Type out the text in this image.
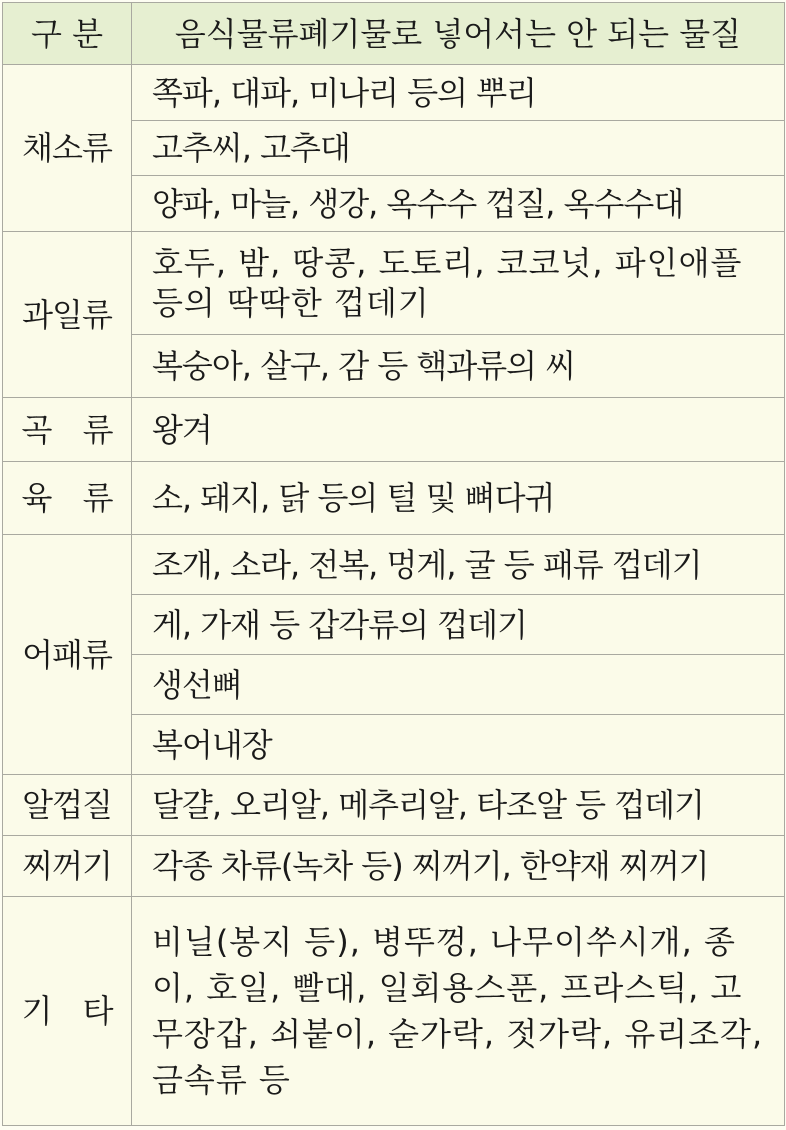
구 분	음식물류폐기물로 넣어서는 안 되는 물질
채소류	쪽파, 대파, 미나리 등의 뿌리
	고추씨, 고추대
	양파, 마늘, 생강, 옥수수 껍질, 옥수수대
과일류	호두, 밤, 땅콩, 도토리, 코코넛, 파인애플 등의 딱딱한 껍데기
	복숭아, 살구, 감 등 핵과류의 씨
곡 류	왕겨
육 류	소, 돼지, 닭 등의 털 및 뼈다귀
어패류	조개, 소라, 전복, 멍게, 굴 등 패류 껍데기
	게, 가재 등 갑각류의 껍데기
	생선뼈
	복어내장
알껍질	달걀, 오리알, 메추리알, 타조알 등 껍데기
찌꺼기	각종 차류(녹차 등) 찌꺼기, 한약재 찌꺼기
기 타	비닐(봉지 등), 병뚜껑, 나무이쑤시개, 종이, 호일, 빨대, 일회용스푼, 프라스틱, 고무장갑, 쇠붙이, 숟가락, 젓가락, 유리조각, 금속류 등
